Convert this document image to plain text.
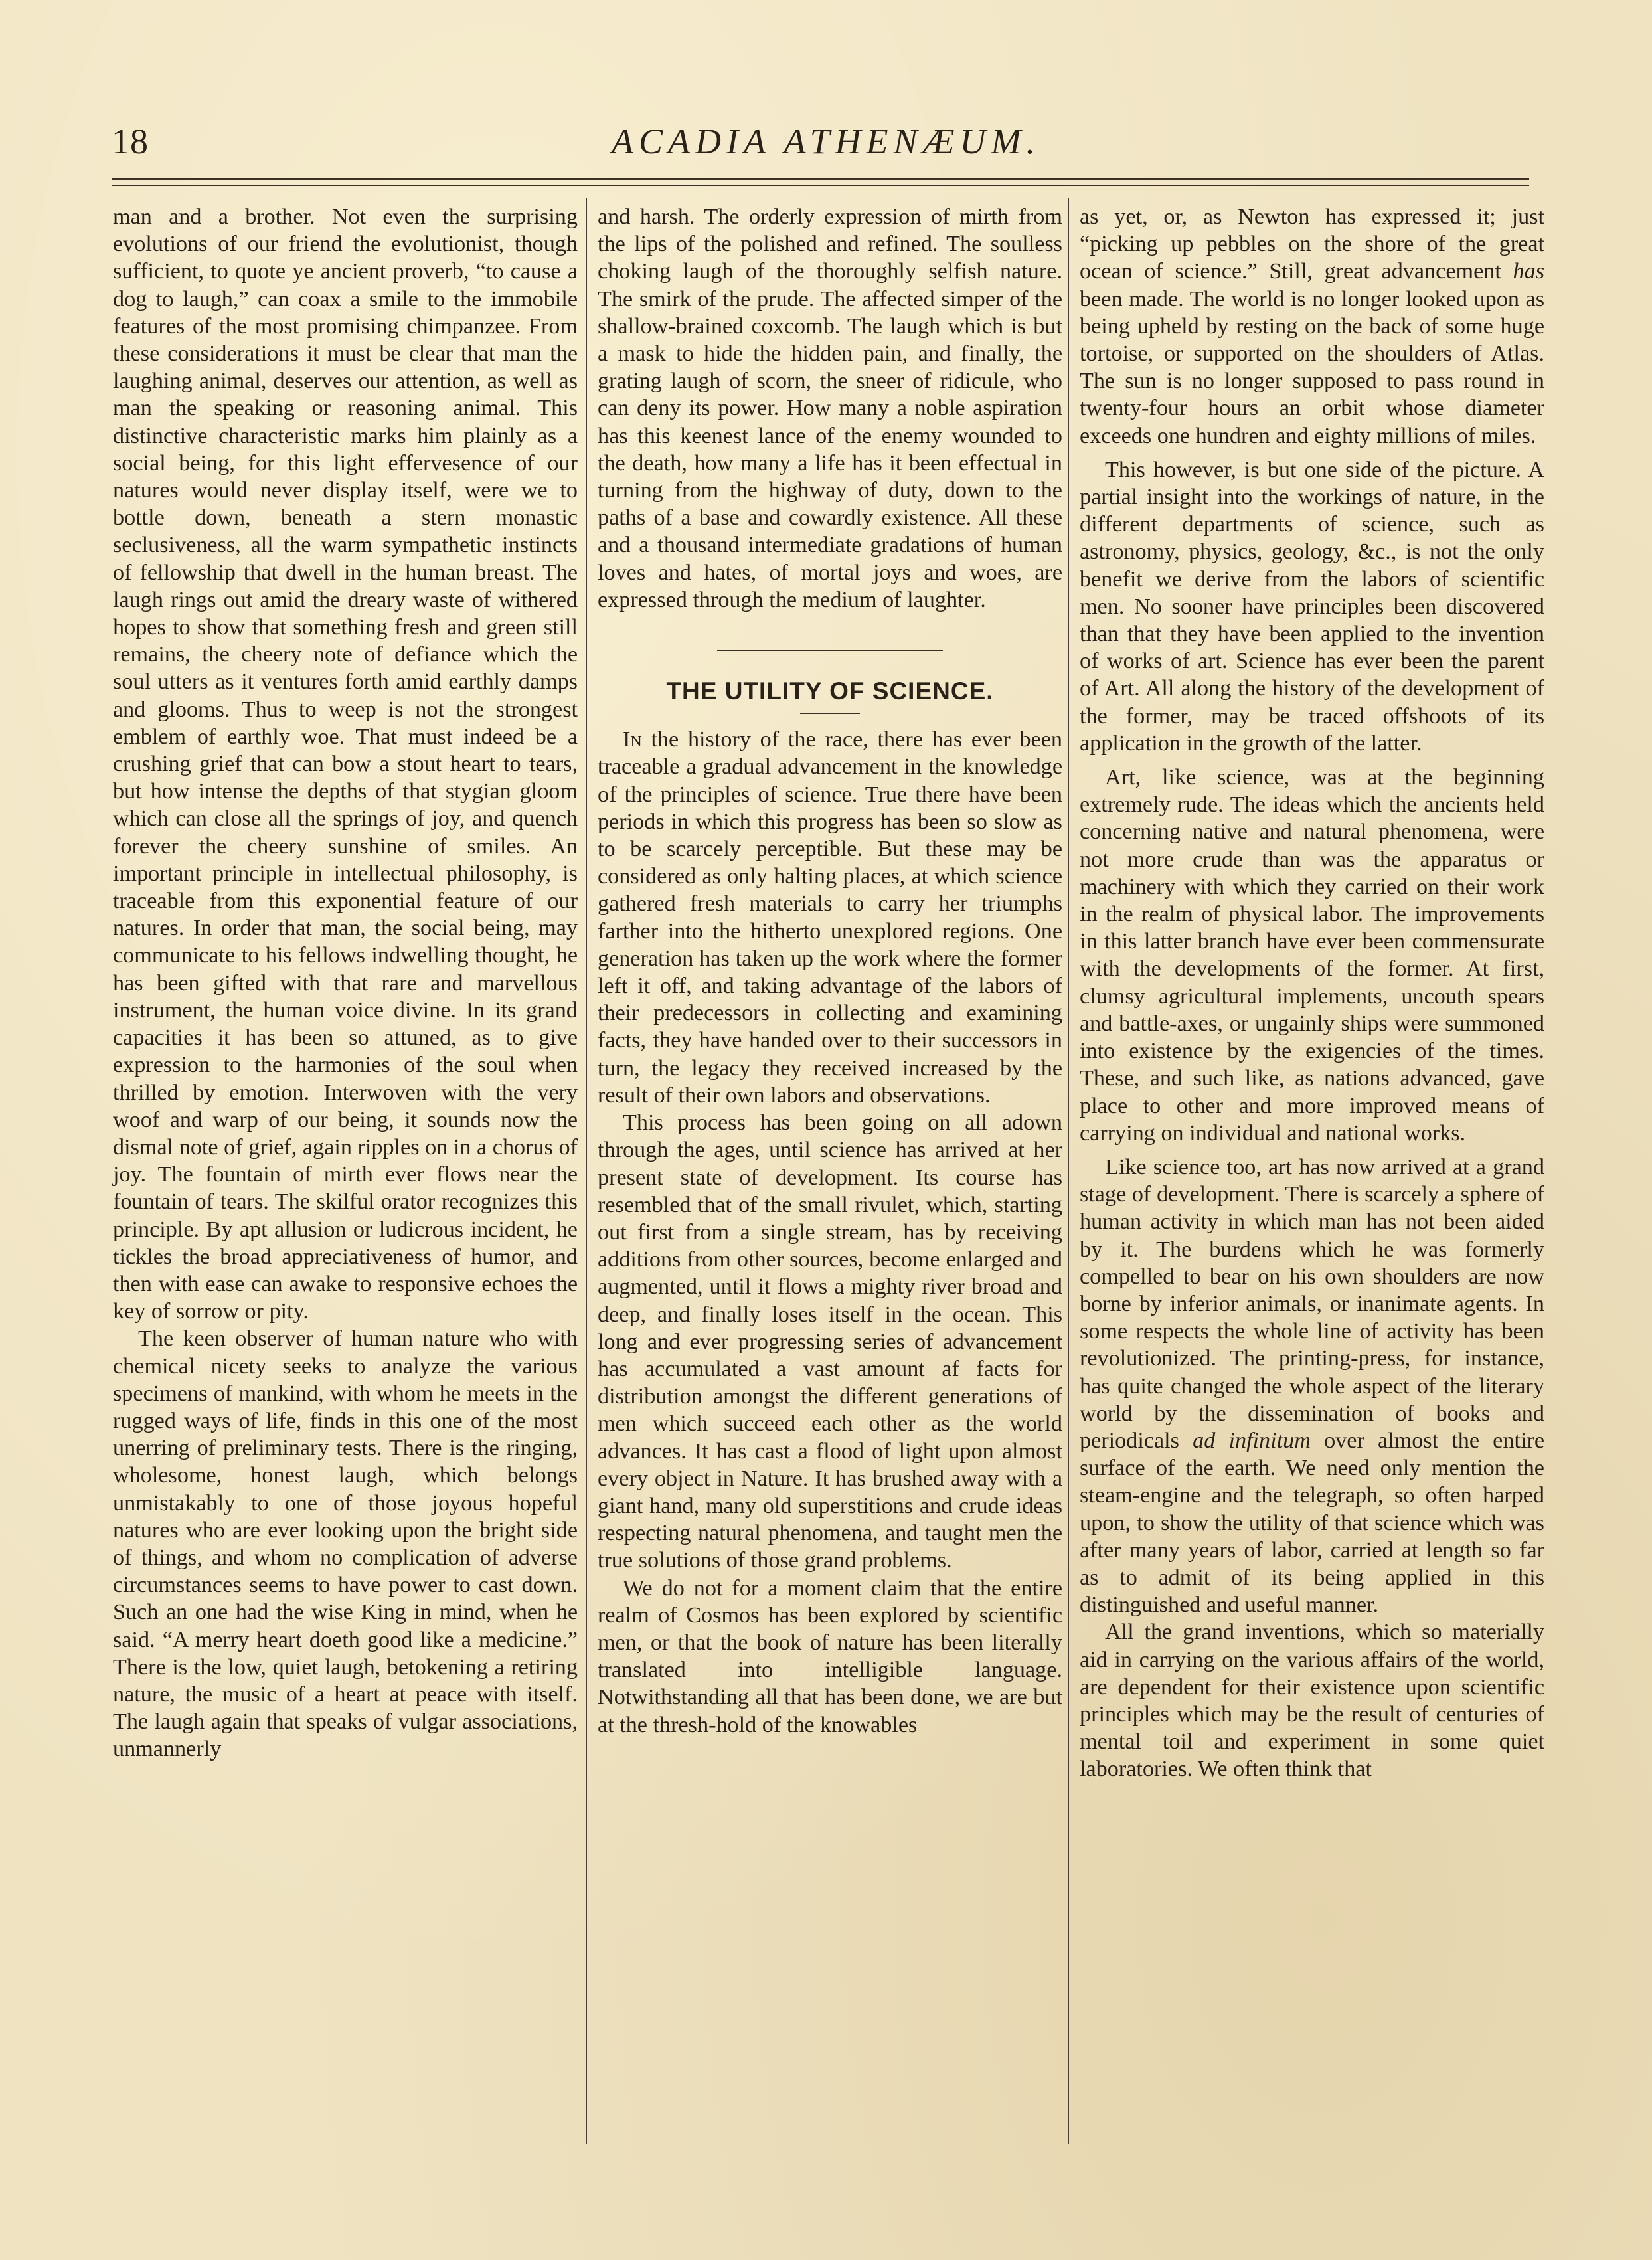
18	ACADIA ATHENÆUM.

man and a brother. Not even the surprising evolutions of our friend the evolutionist, though sufficient, to quote ye ancient proverb, “to cause a dog to laugh,” can coax a smile to the immobile features of the most promising chimpanzee. From these considerations it must be clear that man the laughing animal, deserves our attention, as well as man the speaking or reasoning animal. This distinctive characteristic marks him plainly as a social being, for this light effervesence of our natures would never display itself, were we to bottle down, beneath a stern monastic seclusiveness, all the warm sympathetic instincts of fellowship that dwell in the human breast. The laugh rings out amid the dreary waste of withered hopes to show that something fresh and green still remains, the cheery note of defiance which the soul utters as it ventures forth amid earthly damps and glooms. Thus to weep is not the strongest emblem of earthly woe. That must indeed be a crushing grief that can bow a stout heart to tears, but how intense the depths of that stygian gloom which can close all the springs of joy, and quench forever the cheery sunshine of smiles. An important principle in intellectual philosophy, is traceable from this exponential feature of our natures. In order that man, the social being, may communicate to his fellows indwelling thought, he has been gifted with that rare and marvellous instrument, the human voice divine. In its grand capacities it has been so attuned, as to give expression to the harmonies of the soul when thrilled by emotion. Interwoven with the very woof and warp of our being, it sounds now the dismal note of grief, again ripples on in a chorus of joy. The fountain of mirth ever flows near the fountain of tears. The skilful orator recognizes this principle. By apt allusion or ludicrous incident, he tickles the broad appreciativeness of humor, and then with ease can awake to responsive echoes the key of sorrow or pity.

The keen observer of human nature who with chemical nicety seeks to analyze the various specimens of mankind, with whom he meets in the rugged ways of life, finds in this one of the most unerring of preliminary tests. There is the ringing, wholesome, honest laugh, which belongs unmistakably to one of those joyous hopeful natures who are ever looking upon the bright side of things, and whom no complication of adverse circumstances seems to have power to cast down. Such an one had the wise King in mind, when he said. “A merry heart doeth good like a medicine.” There is the low, quiet laugh, betokening a retiring nature, the music of a heart at peace with itself. The laugh again that speaks of vulgar associations, unmannerly

and harsh. The orderly expression of mirth from the lips of the polished and refined. The soulless choking laugh of the thoroughly selfish nature. The smirk of the prude. The affected simper of the shallow-brained coxcomb. The laugh which is but a mask to hide the hidden pain, and finally, the grating laugh of scorn, the sneer of ridicule, who can deny its power. How many a noble aspiration has this keenest lance of the enemy wounded to the death, how many a life has it been effectual in turning from the highway of duty, down to the paths of a base and cowardly existence. All these and a thousand intermediate gradations of human loves and hates, of mortal joys and woes, are expressed through the medium of laughter.

THE UTILITY OF SCIENCE.

In the history of the race, there has ever been traceable a gradual advancement in the knowledge of the principles of science. True there have been periods in which this progress has been so slow as to be scarcely perceptible. But these may be considered as only halting places, at which science gathered fresh materials to carry her triumphs farther into the hitherto unexplored regions. One generation has taken up the work where the former left it off, and taking advantage of the labors of their predecessors in collecting and examining facts, they have handed over to their successors in turn, the legacy they received increased by the result of their own labors and observations.

This process has been going on all adown through the ages, until science has arrived at her present state of development. Its course has resembled that of the small rivulet, which, starting out first from a single stream, has by receiving additions from other sources, become enlarged and augmented, until it flows a mighty river broad and deep, and finally loses itself in the ocean. This long and ever progressing series of advancement has accumulated a vast amount af facts for distribution amongst the different generations of men which succeed each other as the world advances. It has cast a flood of light upon almost every object in Nature. It has brushed away with a giant hand, many old superstitions and crude ideas respecting natural phenomena, and taught men the true solutions of those grand problems.

We do not for a moment claim that the entire realm of Cosmos has been explored by scientific men, or that the book of nature has been literally translated into intelligible language. Notwithstanding all that has been done, we are but at the thresh-hold of the knowables

as yet, or, as Newton has expressed it; just “picking up pebbles on the shore of the great ocean of science.” Still, great advancement has been made. The world is no longer looked upon as being upheld by resting on the back of some huge tortoise, or supported on the shoulders of Atlas. The sun is no longer supposed to pass round in twenty-four hours an orbit whose diameter exceeds one hundren and eighty millions of miles.

This however, is but one side of the picture. A partial insight into the workings of nature, in the different departments of science, such as astronomy, physics, geology, &c., is not the only benefit we derive from the labors of scientific men. No sooner have principles been discovered than that they have been applied to the invention of works of art. Science has ever been the parent of Art. All along the history of the development of the former, may be traced offshoots of its application in the growth of the latter.

Art, like science, was at the beginning extremely rude. The ideas which the ancients held concerning native and natural phenomena, were not more crude than was the apparatus or machinery with which they carried on their work in the realm of physical labor. The improvements in this latter branch have ever been commensurate with the developments of the former. At first, clumsy agricultural implements, uncouth spears and battle-axes, or ungainly ships were summoned into existence by the exigencies of the times. These, and such like, as nations advanced, gave place to other and more improved means of carrying on individual and national works.

Like science too, art has now arrived at a grand stage of development. There is scarcely a sphere of human activity in which man has not been aided by it. The burdens which he was formerly compelled to bear on his own shoulders are now borne by inferior animals, or inanimate agents. In some respects the whole line of activity has been revolutionized. The printing-press, for instance, has quite changed the whole aspect of the literary world by the dissemination of books and periodicals ad infinitum over almost the entire surface of the earth. We need only mention the steam-engine and the telegraph, so often harped upon, to show the utility of that science which was after many years of labor, carried at length so far as to admit of its being applied in this distinguished and useful manner.

All the grand inventions, which so materially aid in carrying on the various affairs of the world, are dependent for their existence upon scientific principles which may be the result of centuries of mental toil and experiment in some quiet laboratories. We often think that
